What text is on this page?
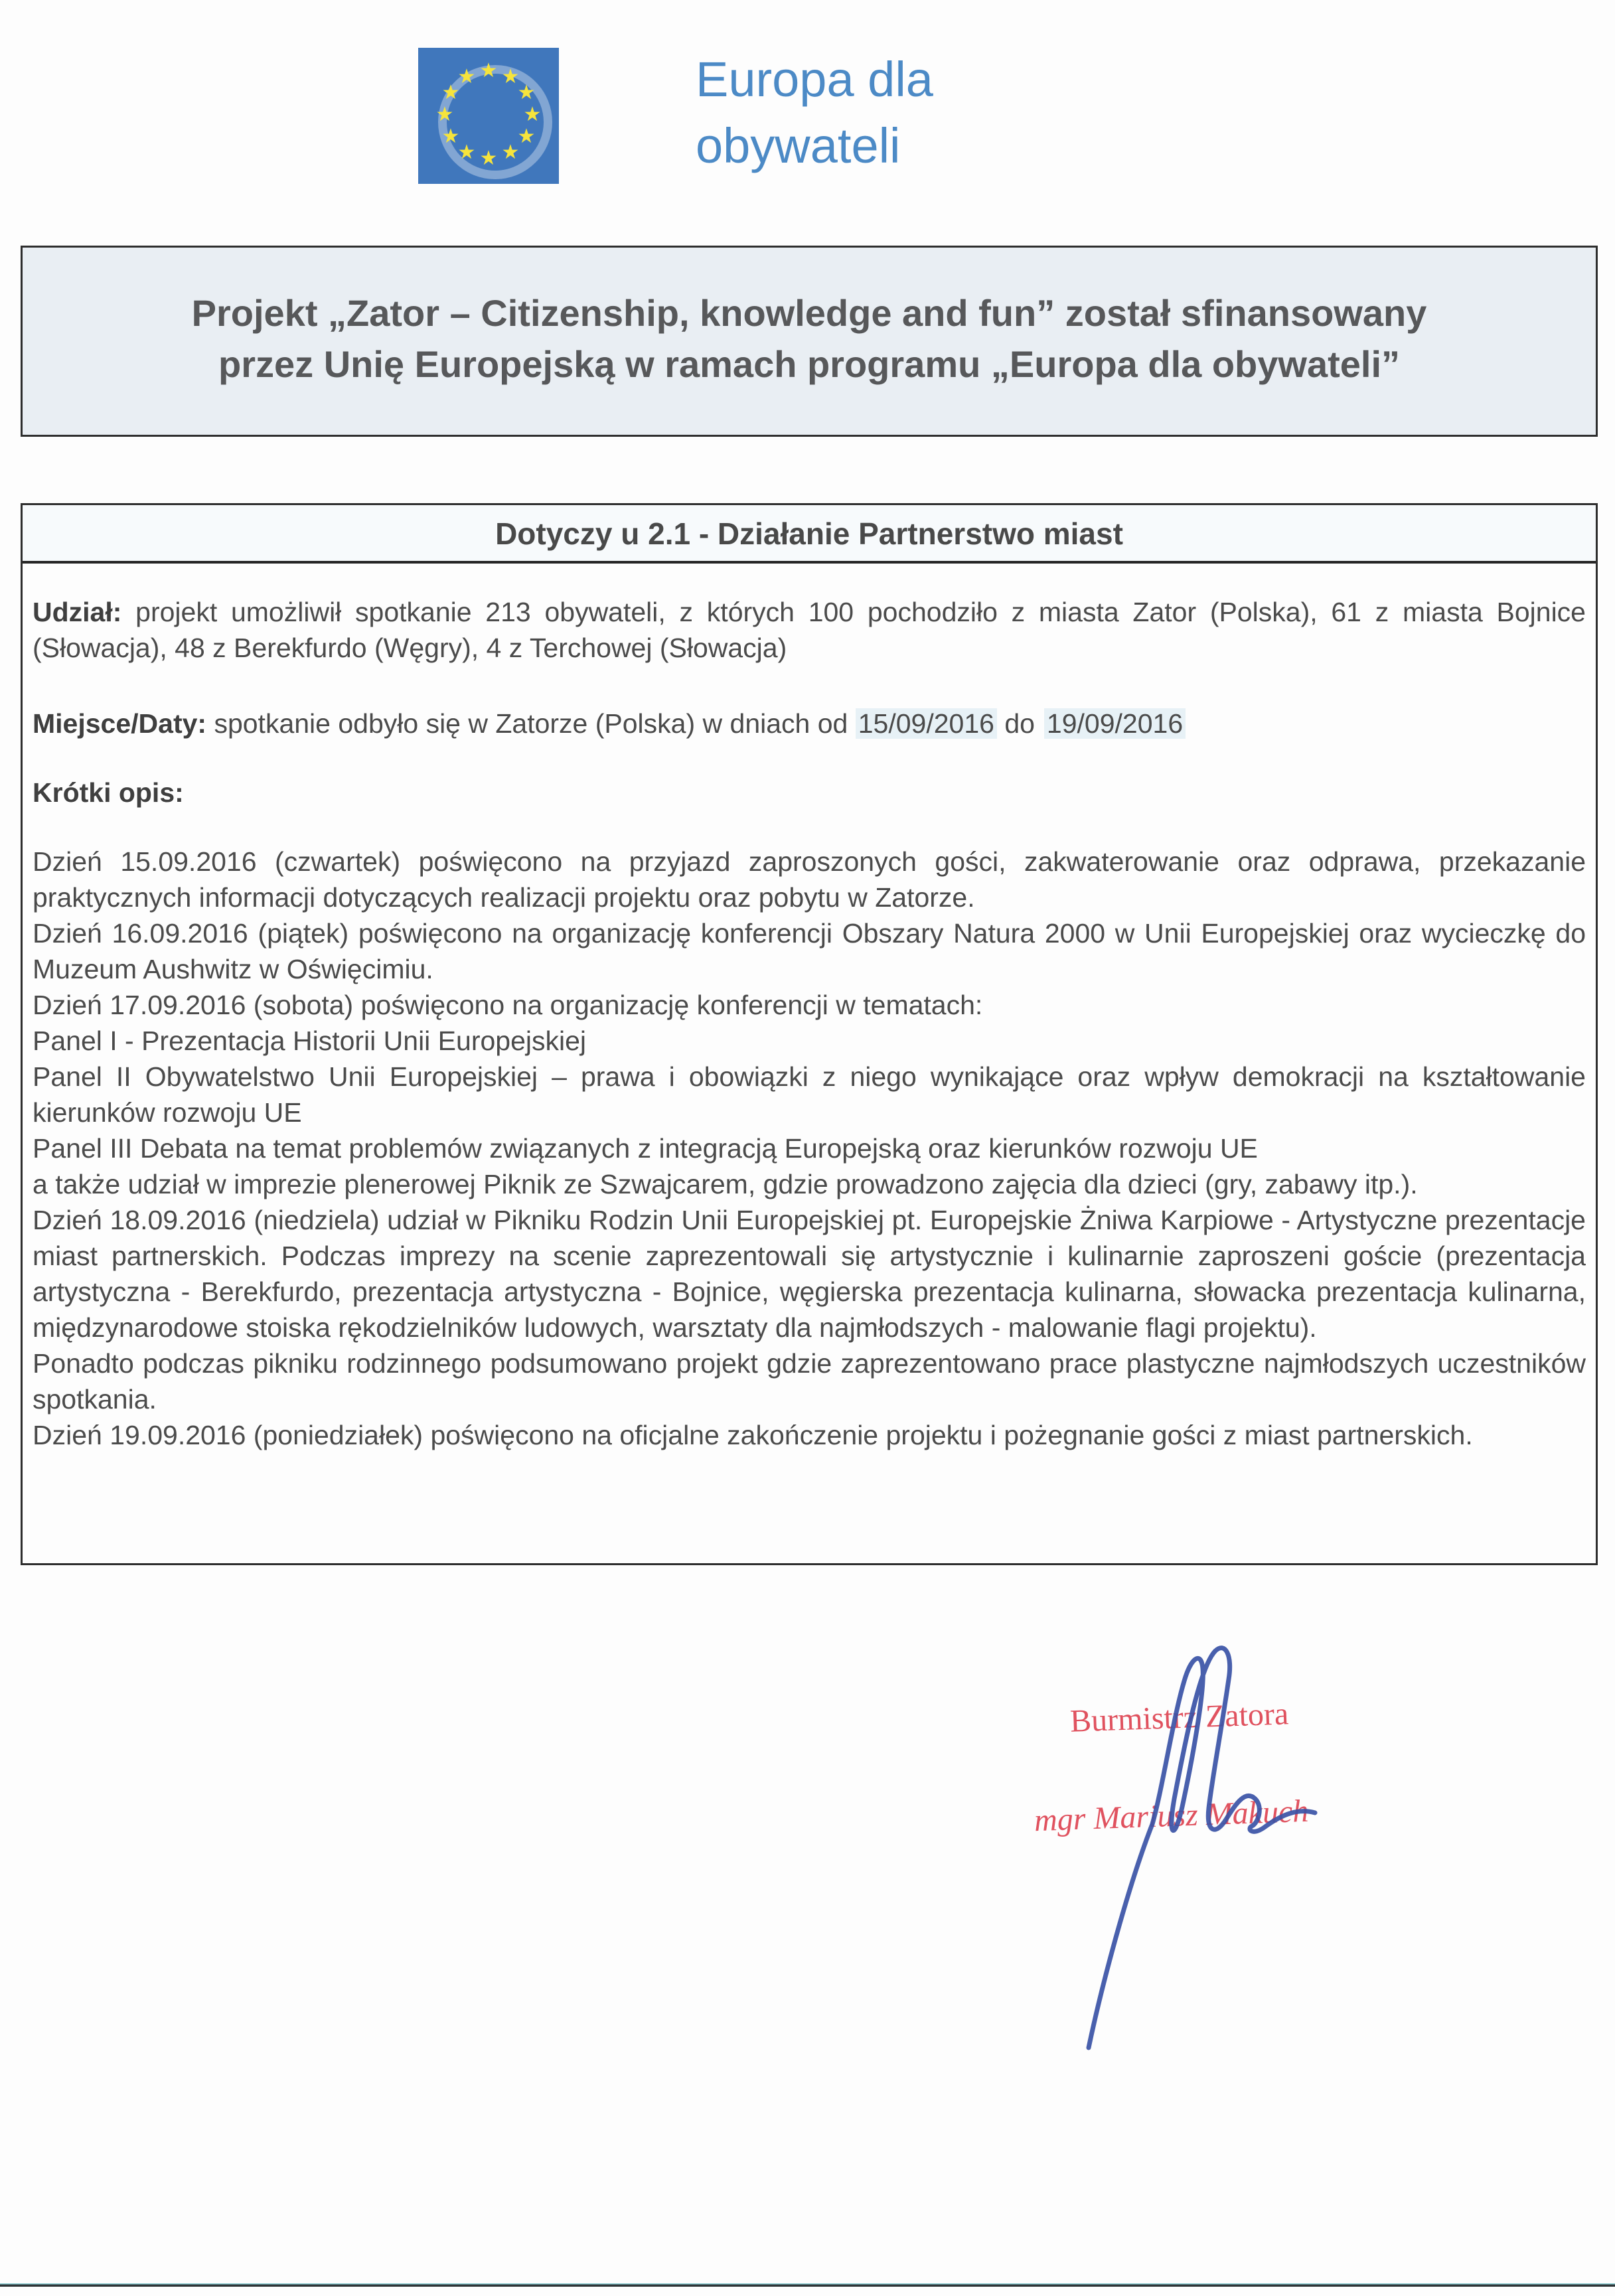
★ ★
★
★
★
★
★
★
★
★
★
★	Europa dla
obywateli
Projekt „Zator – Citizenship, knowledge and fun” został sfinansowany
przez Unię Europejską w ramach programu „Europa dla obywateli”
Dotyczy u 2.1 - Działanie Partnerstwo miast

Udział: projekt umożliwił spotkanie 213 obywateli, z których 100 pochodziło z miasta Zator (Polska), 61 z miasta Bojnice (Słowacja), 48 z Berekfurdo (Węgry), 4 z Terchowej (Słowacja)

Miejsce/Daty: spotkanie odbyło się w Zatorze (Polska) w dniach od 15/09/2016 do 19/09/2016

Krótki opis:

Dzień 15.09.2016 (czwartek) poświęcono na przyjazd zaproszonych gości, zakwaterowanie oraz odprawa, przekazanie praktycznych informacji dotyczących realizacji projektu oraz pobytu w Zatorze.

Dzień 16.09.2016 (piątek) poświęcono na organizację konferencji Obszary Natura 2000 w Unii Europejskiej oraz wycieczkę do Muzeum Aushwitz w Oświęcimiu.

Dzień 17.09.2016 (sobota) poświęcono na organizację konferencji w tematach:

Panel I - Prezentacja Historii Unii Europejskiej

Panel II Obywatelstwo Unii Europejskiej – prawa i obowiązki z niego wynikające oraz wpływ demokracji na kształtowanie kierunków rozwoju UE

Panel III Debata na temat problemów związanych z integracją Europejską oraz kierunków rozwoju UE

a także udział w imprezie plenerowej Piknik ze Szwajcarem, gdzie prowadzono zajęcia dla dzieci (gry, zabawy itp.).

Dzień 18.09.2016 (niedziela) udział w Pikniku Rodzin Unii Europejskiej pt. Europejskie Żniwa Karpiowe - Artystyczne prezentacje miast partnerskich. Podczas imprezy na scenie zaprezentowali się artystycznie i kulinarnie zaproszeni goście (prezentacja artystyczna - Berekfurdo, prezentacja artystyczna - Bojnice, węgierska prezentacja kulinarna, słowacka prezentacja kulinarna, międzynarodowe stoiska rękodzielników ludowych, warsztaty dla najmłodszych - malowanie flagi projektu).

Ponadto podczas pikniku rodzinnego podsumowano projekt gdzie zaprezentowano prace plastyczne najmłodszych uczestników spotkania.

Dzień 19.09.2016 (poniedziałek) poświęcono na oficjalne zakończenie projektu i pożegnanie gości z miast partnerskich.

Burmistrz Zatora
mgr Mariusz Makuch
